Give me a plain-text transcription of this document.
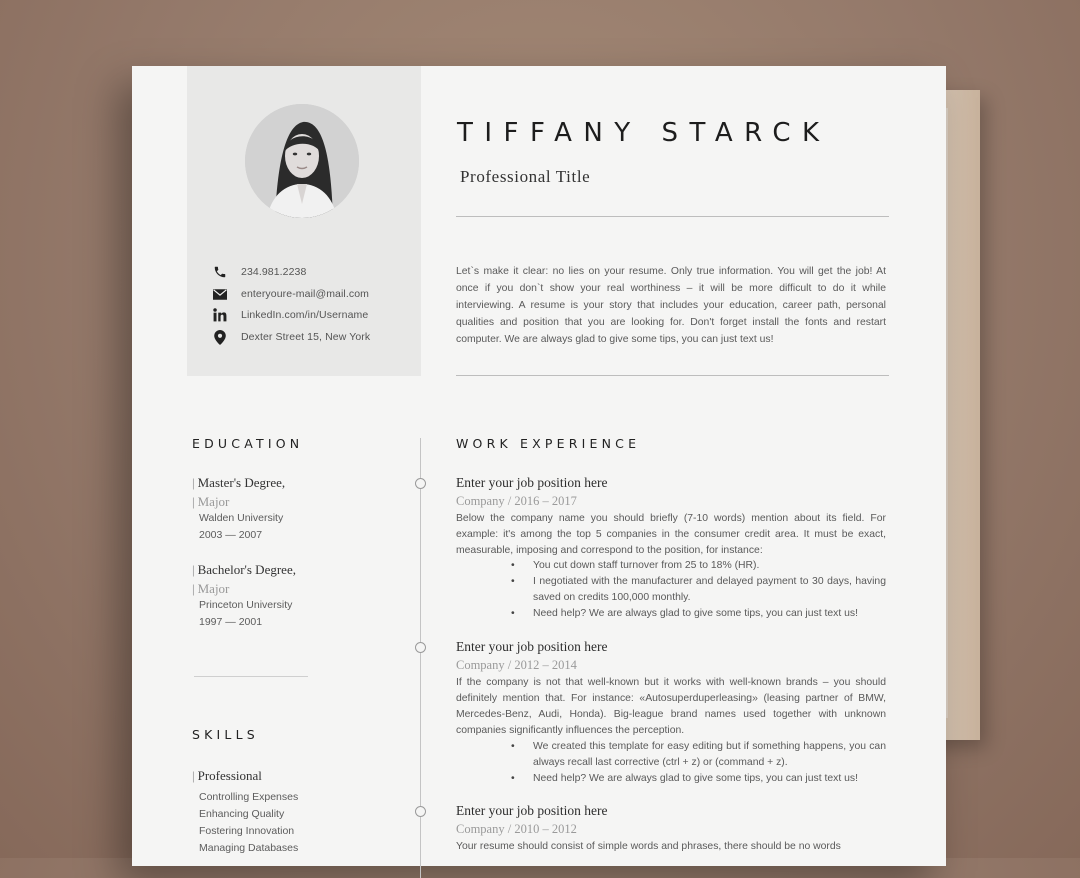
234.981.2238
enteryoure-mail@mail.com
LinkedIn.com/in/Username
Dexter Street 15, New York
TIFFANY STARCK
Professional Title
Let`s make it clear: no lies on your resume. Only true information. You will get the job! At once if you don`t show your real worthiness – it will be more difficult to do it while interviewing. A resume is your story that includes your education, career path, personal qualities and position that you are looking for. Don't forget install the fonts and restart computer. We are always glad to give some tips, you can just text us!
EDUCATION	WORK EXPERIENCE
| Master's Degree,
| Major
Walden University
2003 — 2007
| Bachelor's Degree,
| Major
Princeton University
1997 — 2001
SKILLS
| Professional
Controlling Expenses
Enhancing Quality
Fostering Innovation
Managing Databases
Enter your job position here
Company / 2016 – 2017
Below the company name you should briefly (7-10 words) mention about its field. For example: it's among the top 5 companies in the consumer credit area. It must be exact, measurable, imposing and correspond to the position, for instance:
• You cut down staff turnover from 25 to 18% (HR).
• I negotiated with the manufacturer and delayed payment to 30 days, having saved on credits 100,000 monthly.
• Need help? We are always glad to give some tips, you can just text us!
Enter your job position here
Company / 2012 – 2014
If the company is not that well-known but it works with well-known brands – you should definitely mention that. For instance: «Autosuperduperleasing» (leasing partner of BMW, Mercedes-Benz, Audi, Honda). Big-league brand names used together with unknown companies significantly influences the perception.
• We created this template for easy editing but if something happens, you can always recall last corrective (ctrl + z) or (command + z).
• Need help? We are always glad to give some tips, you can just text us!
Enter your job position here
Company / 2010 – 2012
Your resume should consist of simple words and phrases, there should be no words
